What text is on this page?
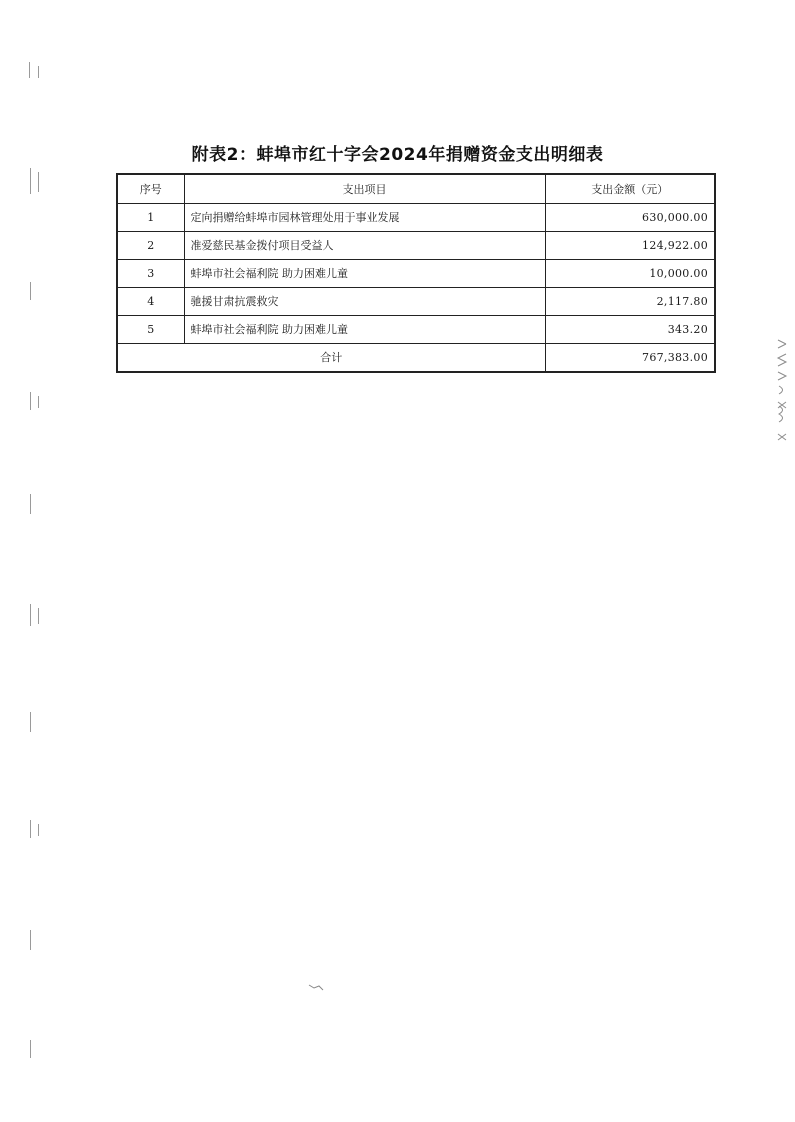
附表2：蚌埠市红十字会2024年捐赠资金支出明细表
序号	支出项目	支出金额（元）
1	定向捐赠给蚌埠市园林管理处用于事业发展	630,000.00
2	准爱慈民基金拨付项目受益人	124,922.00
3	蚌埠市社会福利院 助力困难儿童	10,000.00
4	驰援甘肃抗震救灾	2,117.80
5	蚌埠市社会福利院 助力困难儿童	343.20
合计		767,383.00
